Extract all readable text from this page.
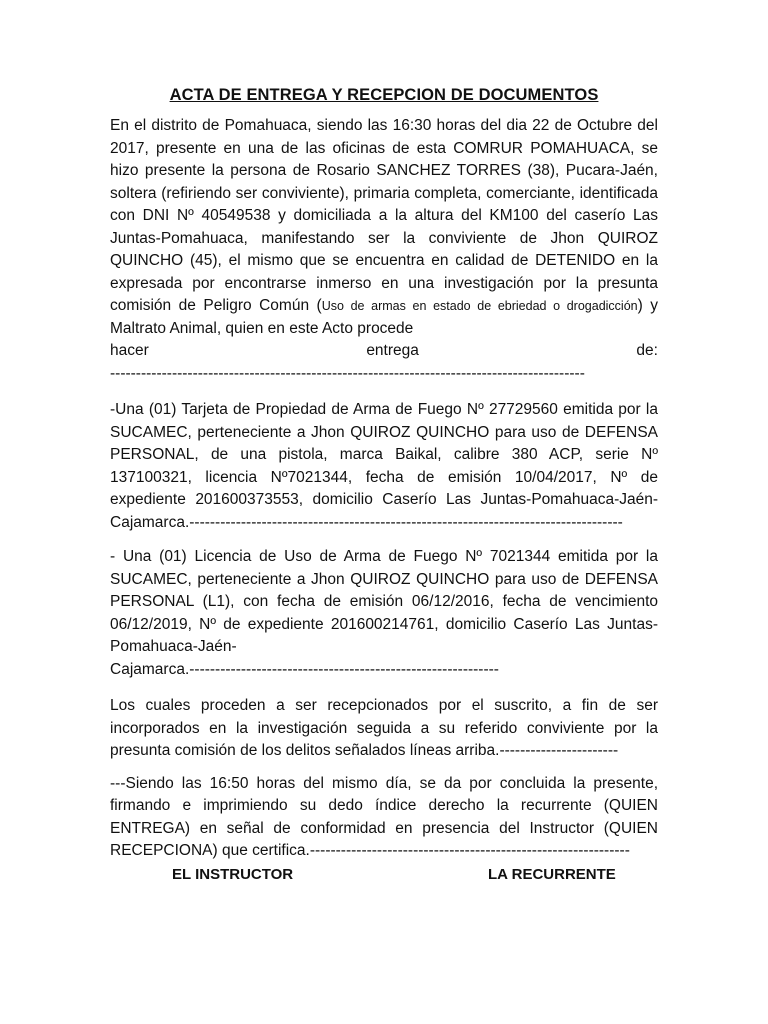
ACTA DE ENTREGA Y RECEPCION DE DOCUMENTOS

En el distrito de Pomahuaca, siendo las 16:30 horas del dia 22 de Octubre del 2017, presente en una de las oficinas de esta COMRUR POMAHUACA, se hizo presente la persona de Rosario SANCHEZ TORRES (38), Pucara-Jaén, soltera (refiriendo ser conviviente), primaria completa, comerciante, identificada con DNI Nº 40549538 y domiciliada a la altura del KM100 del caserío Las Juntas-Pomahuaca, manifestando ser la conviviente de Jhon QUIROZ QUINCHO (45), el mismo que se encuentra en calidad de DETENIDO en la expresada por encontrarse inmerso en una investigación por la presunta comisión de Peligro Común (Uso de armas en estado de ebriedad o drogadicción) y Maltrato Animal, quien en este Acto procede
hacer	entrega	de:
--------------------------------------------------------------------------------------------

-Una (01) Tarjeta de Propiedad de Arma de Fuego Nº 27729560 emitida por la SUCAMEC, perteneciente a Jhon QUIROZ QUINCHO para uso de DEFENSA PERSONAL, de una pistola, marca Baikal, calibre 380 ACP, serie Nº 137100321, licencia Nº7021344, fecha de emisión 10/04/2017, Nº de expediente 201600373553, domicilio Caserío Las Juntas-Pomahuaca-Jaén-Cajamarca.------------------------------------------------------------------------------------

- Una (01) Licencia de Uso de Arma de Fuego Nº 7021344 emitida por la SUCAMEC, perteneciente a Jhon QUIROZ QUINCHO para uso de DEFENSA PERSONAL (L1), con fecha de emisión 06/12/2016, fecha de vencimiento 06/12/2019, Nº de expediente 201600214761, domicilio Caserío Las Juntas-Pomahuaca-Jaén-
Cajamarca.------------------------------------------------------------

Los cuales proceden a ser recepcionados por el suscrito, a fin de ser incorporados en la investigación seguida a su referido conviviente por la presunta comisión de los delitos señalados líneas arriba.-----------------------

---Siendo las 16:50 horas del mismo día, se da por concluida la presente, firmando e imprimiendo su dedo índice derecho la recurrente (QUIEN ENTREGA) en señal de conformidad en presencia del Instructor (QUIEN RECEPCIONA) que certifica.--------------------------------------------------------------

EL INSTRUCTOR	LA RECURRENTE
